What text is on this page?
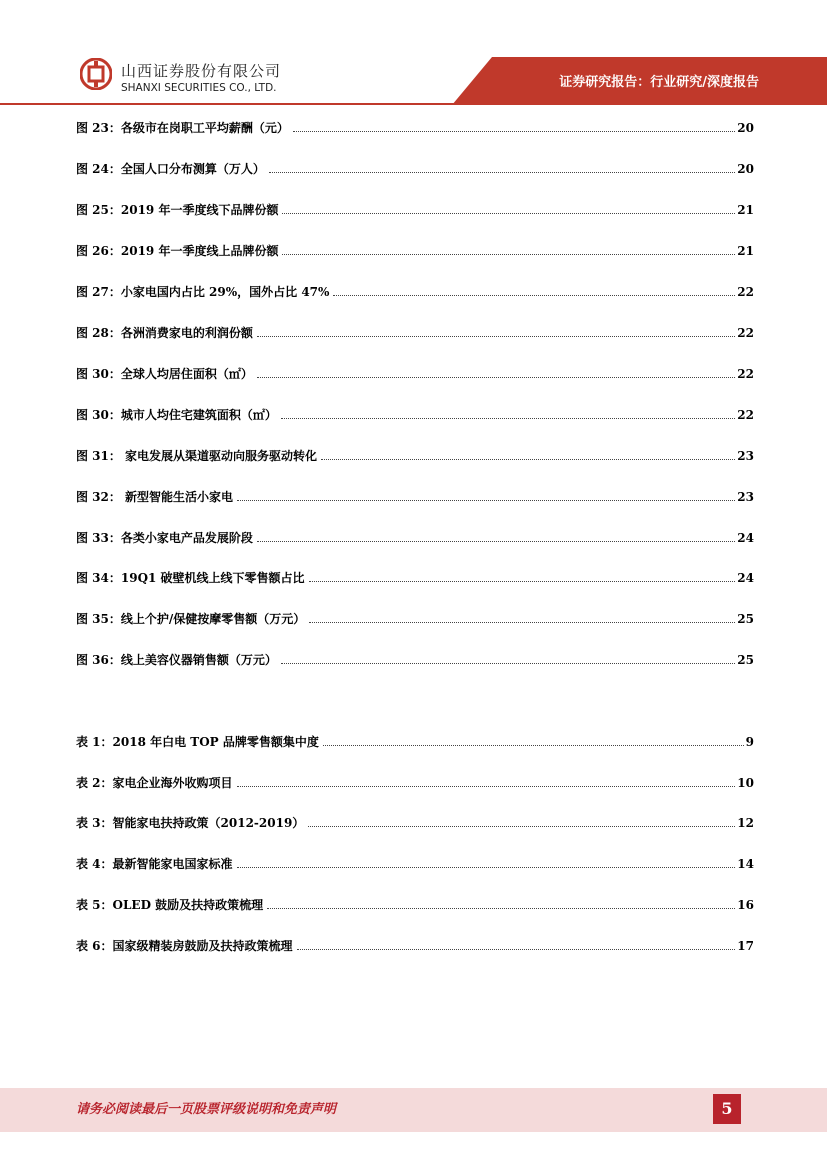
山西证券股份有限公司
SHANXI SECURITIES CO., LTD.	证券研究报告：行业研究/深度报告
图 23：各级市在岗职工平均薪酬（元）	20
图 24：全国人口分布测算（万人）	20
图 25：2019 年一季度线下品牌份额	21
图 26：2019 年一季度线上品牌份额	21
图 27：小家电国内占比 29%，国外占比 47%	22
图 28：各洲消费家电的利润份额	22
图 30：全球人均居住面积（㎡）	22
图 30：城市人均住宅建筑面积（㎡）	22
图 31： 家电发展从渠道驱动向服务驱动转化	23
图 32： 新型智能生活小家电	23
图 33：各类小家电产品发展阶段	24
图 34：19Q1 破壁机线上线下零售额占比	24
图 35：线上个护/保健按摩零售额（万元）	25
图 36：线上美容仪器销售额（万元）	25
表 1：2018 年白电 TOP 品牌零售额集中度	9
表 2：家电企业海外收购项目	10
表 3：智能家电扶持政策（2012-2019）	12
表 4：最新智能家电国家标准	14
表 5：OLED 鼓励及扶持政策梳理	16
表 6：国家级精装房鼓励及扶持政策梳理	17
请务必阅读最后一页股票评级说明和免责声明	5
